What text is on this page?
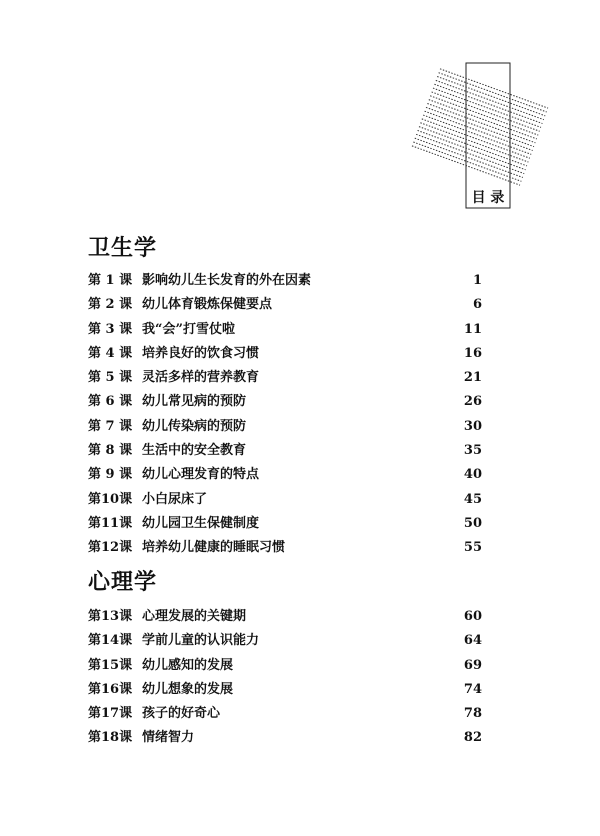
目 录
卫生学
第 1 课 影响幼儿生长发育的外在因素	1
第 2 课 幼儿体育锻炼保健要点	6
第 3 课 我“会”打雪仗啦	11
第 4 课 培养良好的饮食习惯	16
第 5 课 灵活多样的营养教育	21
第 6 课 幼儿常见病的预防	26
第 7 课 幼儿传染病的预防	30
第 8 课 生活中的安全教育	35
第 9 课 幼儿心理发育的特点	40
第10课 小白尿床了	45
第11课 幼儿园卫生保健制度	50
第12课 培养幼儿健康的睡眠习惯	55
心理学
第13课 心理发展的关键期	60
第14课 学前儿童的认识能力	64
第15课 幼儿感知的发展	69
第16课 幼儿想象的发展	74
第17课 孩子的好奇心	78
第18课 情绪智力	82
